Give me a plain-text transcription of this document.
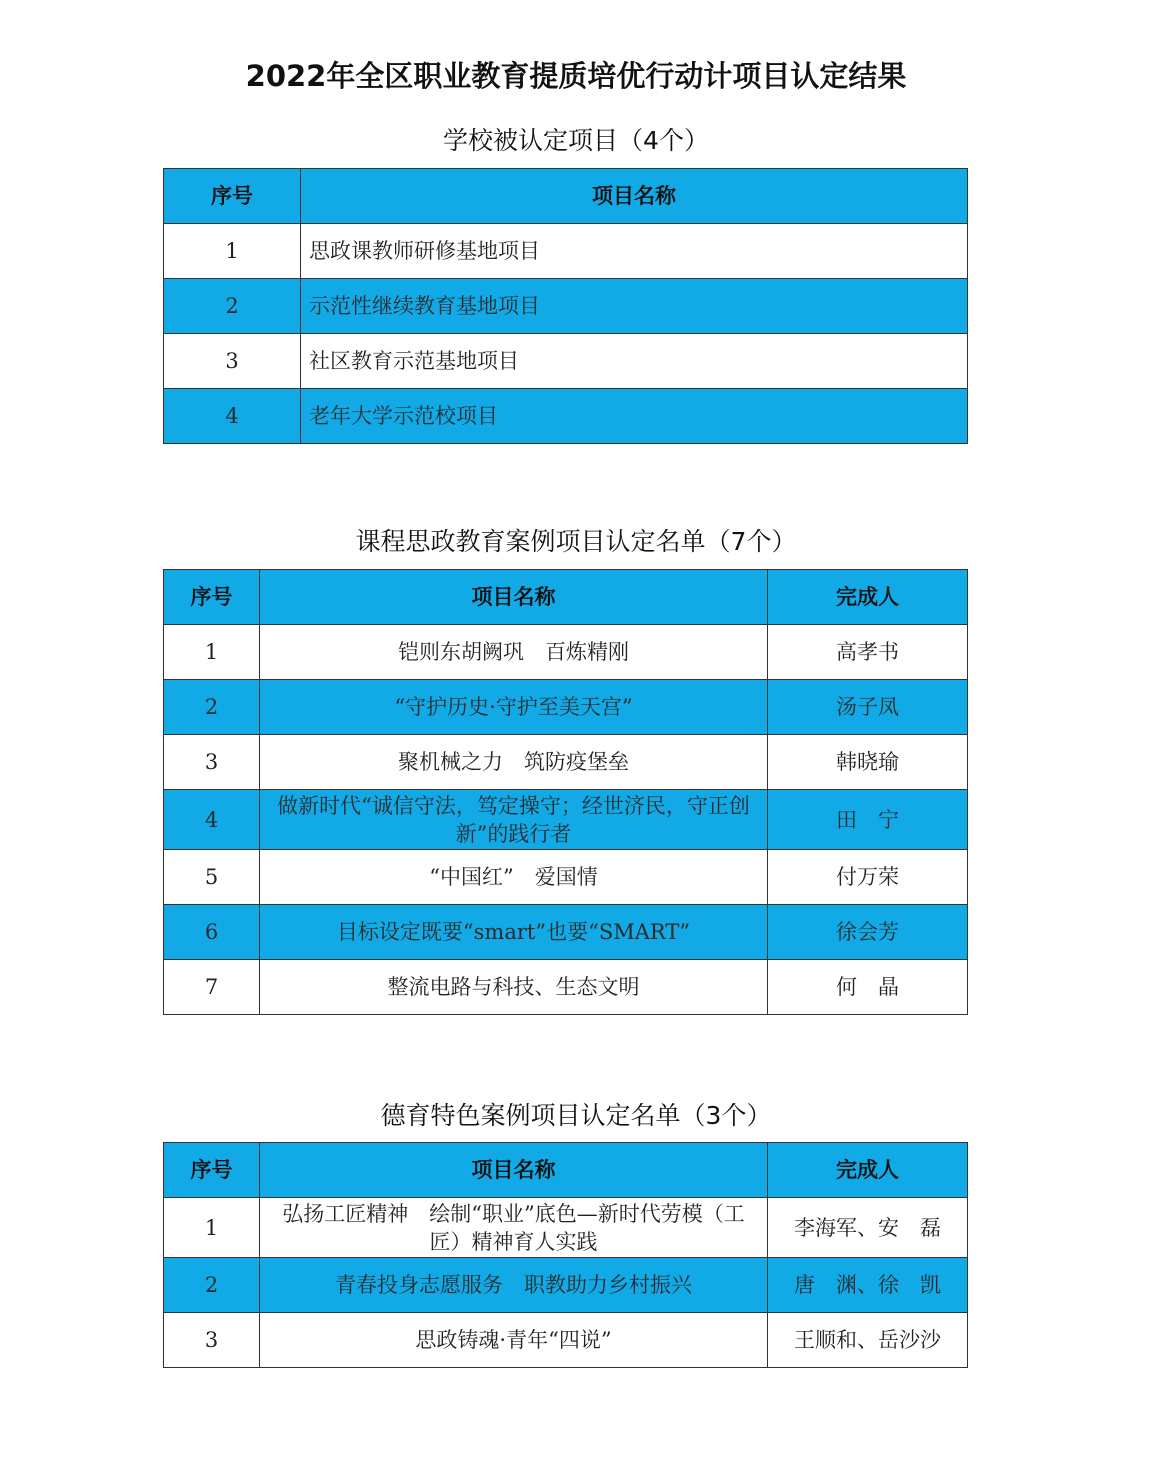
2022年全区职业教育提质培优行动计项目认定结果
学校被认定项目（4个）
序号	项目名称
1	思政课教师研修基地项目
2	示范性继续教育基地项目
3	社区教育示范基地项目
4	老年大学示范校项目
课程思政教育案例项目认定名单（7个）
序号	项目名称	完成人
1	铠则东胡阙巩　百炼精刚	高孝书
2	“守护历史·守护至美天宫”	汤子凤
3	聚机械之力　筑防疫堡垒	韩晓瑜
4	做新时代“诚信守法，笃定操守；经世济民，守正创新”的践行者	田　宁
5	“中国红”　爱国情	付万荣
6	目标设定既要“smart”也要“SMART”	徐会芳
7	整流电路与科技、生态文明	何　晶
德育特色案例项目认定名单（3个）
序号	项目名称	完成人
1	弘扬工匠精神　绘制“职业”底色—新时代劳模（工匠）精神育人实践	李海军、安　磊
2	青春投身志愿服务　职教助力乡村振兴	唐　渊、徐　凯
3	思政铸魂·青年“四说”	王顺和、岳沙沙
